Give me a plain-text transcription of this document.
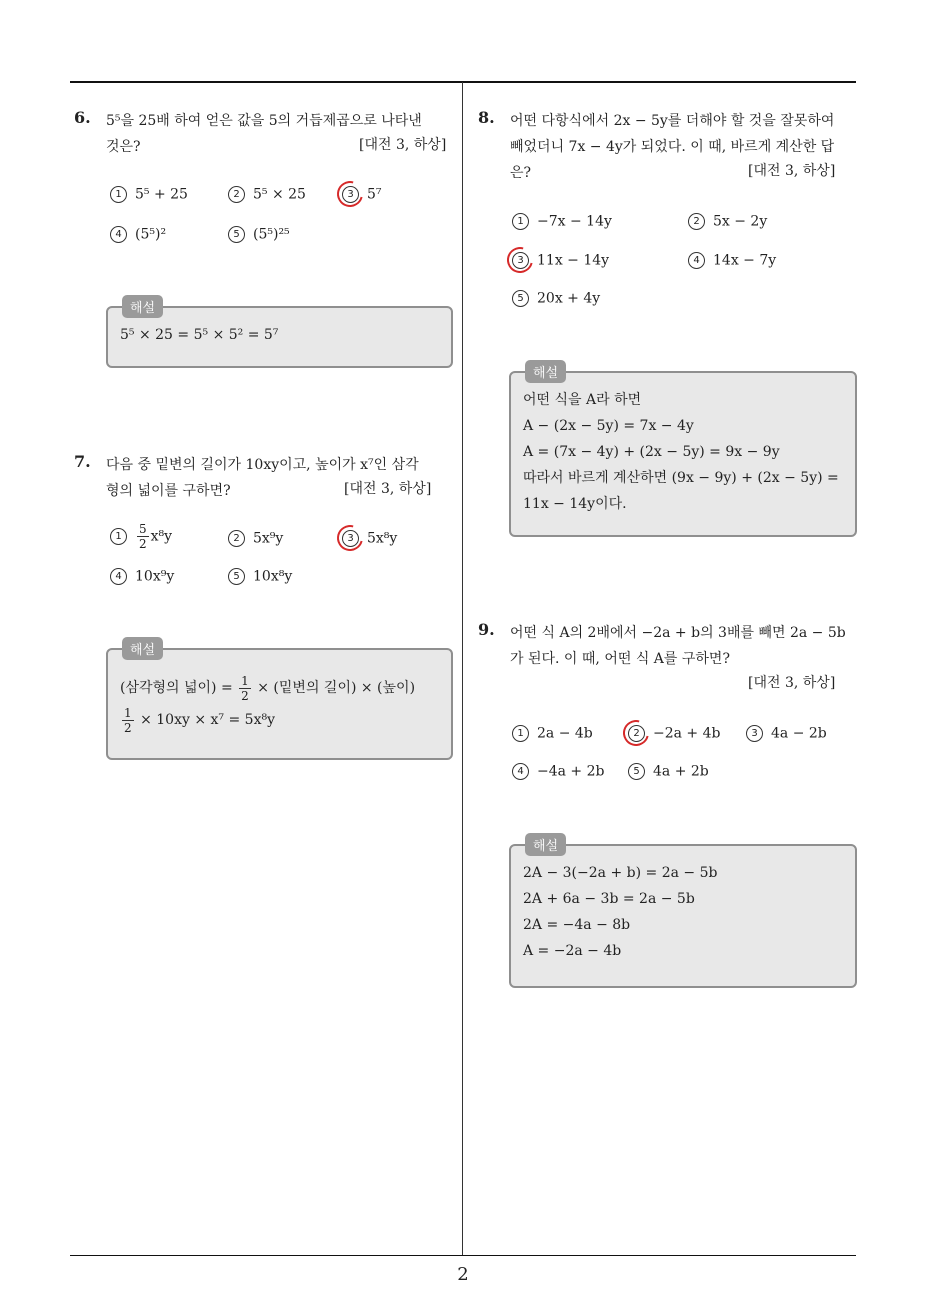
6. 5⁵을 25배 하여 얻은 값을 5의 거듭제곱으로 나타낸
것은?	[대전 3, 하상]
1 5⁵ + 25	2 5⁵ × 25	3 5⁷
4 (5⁵)²	5 (5⁵)²⁵
해설
5⁵ × 25 = 5⁵ × 5² = 5⁷
7. 다음 중 밑변의 길이가 10xy이고, 높이가 x⁷인 삼각
형의 넓이를 구하면?	[대전 3, 하상]
$1 \frac{5}{2} x^8y$	2 5x⁹y	3 5x⁸y
4 10x⁹y	5 10x⁸y
해설
(삼각형의 넓이) = $\frac{1}{2}$ × (밑변의 길이) × (높이)
$\frac{1}{2} \times 10xy \times x^7 = 5x^8y$
8. 어떤 다항식에서 2x − 5y를 더해야 할 것을 잘못하여
빼었더니 7x − 4y가 되었다. 이 때, 바르게 계산한 답
은?	[대전 3, 하상]
1 −7x − 14y	2 5x − 2y
3 11x − 14y	4 14x − 7y
5 20x + 4y
해설
어떤 식을 A라 하면
A − (2x − 5y) = 7x − 4y
A = (7x − 4y) + (2x − 5y) = 9x − 9y
따라서 바르게 계산하면 (9x − 9y) + (2x − 5y) =
11x − 14y이다.
9. 어떤 식 A의 2배에서 −2a + b의 3배를 빼면 2a − 5b
가 된다. 이 때, 어떤 식 A를 구하면?
[대전 3, 하상]
1 2a − 4b	2 −2a + 4b	3 4a − 2b
4 −4a + 2b	5 4a + 2b
해설
2A − 3(−2a + b) = 2a − 5b
2A + 6a − 3b = 2a − 5b
2A = −4a − 8b
A = −2a − 4b
2
